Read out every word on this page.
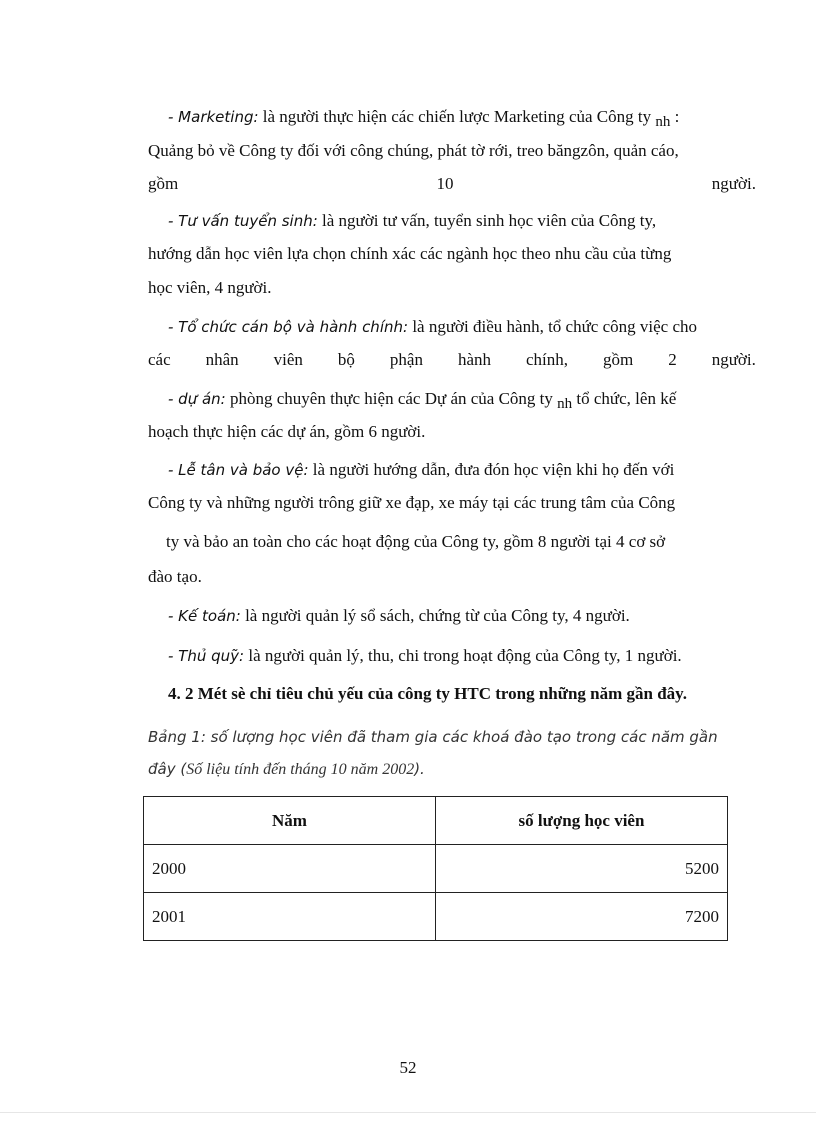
- Marketing: là người thực hiện các chiến lược Marketing của Công ty nh :
Quảng bỏ về Công ty đối với công chúng, phát tờ rới, treo băngzôn, quản cáo,
gồm	10	người.
- Tư vấn tuyển sinh: là người tư vấn, tuyển sinh học viên của Công ty,
hướng dẫn học viên lựa chọn chính xác các ngành học theo nhu cầu của từng
học viên, 4 người.
- Tổ chức cán bộ và hành chính: là người điều hành, tổ chức công việc cho
các nhân viên bộ phận hành chính, gồm 2 người.
- dự án: phòng chuyên thực hiện các Dự án của Công ty nh tổ chức, lên kế
hoạch thực hiện các dự án, gồm 6 người.
- Lễ tân và bảo vệ: là người hướng dẫn, đưa đón học viện khi họ đến với
Công ty và những người trông giữ xe đạp, xe máy tại các trung tâm của Công
ty và bảo an toàn cho các hoạt động của Công ty, gồm 8 người tại 4 cơ sở
đào tạo.
- Kế toán: là người quản lý sổ sách, chứng từ của Công ty, 4 người.
- Thủ quỹ: là người quản lý, thu, chi trong hoạt động của Công ty, 1 người.
4. 2 Mét sè chỉ tiêu chủ yếu của công ty HTC trong những năm gần đây.
Bảng 1: số lượng học viên đã tham gia các khoá đào tạo trong các năm gần
đây (Số liệu tính đến tháng 10 năm 2002).
Năm	số lượng học viên
2000	5200
2001	7200
52
